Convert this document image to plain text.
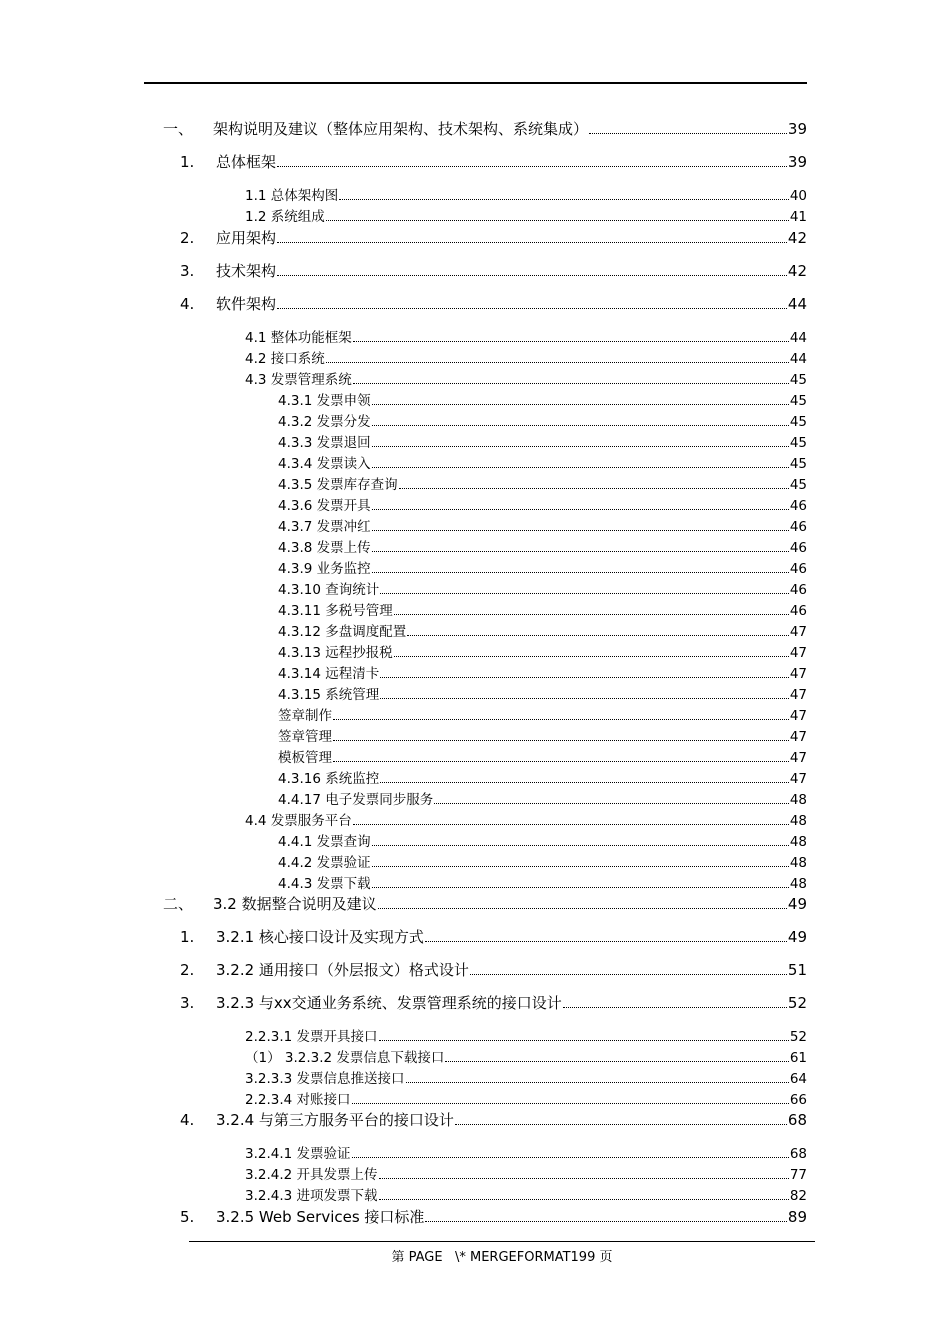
一、	架构说明及建议（整体应用架构、技术架构、系统集成）	39
1.	总体框架	39
1.1 总体架构图	40
1.2 系统组成	41
2.	应用架构	42
3.	技术架构	42
4.	软件架构	44
4.1 整体功能框架	44
4.2 接口系统	44
4.3 发票管理系统	45
4.3.1 发票申领	45
4.3.2 发票分发	45
4.3.3 发票退回	45
4.3.4 发票读入	45
4.3.5 发票库存查询	45
4.3.6 发票开具	46
4.3.7 发票冲红	46
4.3.8 发票上传	46
4.3.9 业务监控	46
4.3.10 查询统计	46
4.3.11 多税号管理	46
4.3.12 多盘调度配置	47
4.3.13 远程抄报税	47
4.3.14 远程清卡	47
4.3.15 系统管理	47
签章制作	47
签章管理	47
模板管理	47
4.3.16 系统监控	47
4.4.17 电子发票同步服务	48
4.4 发票服务平台	48
4.4.1 发票查询	48
4.4.2 发票验证	48
4.4.3 发票下载	48
二、	3.2 数据整合说明及建议	49
1.	3.2.1 核心接口设计及实现方式	49
2.	3.2.2 通用接口（外层报文）格式设计	51
3.	3.2.3 与xx交通业务系统、发票管理系统的接口设计	52
2.2.3.1 发票开具接口	52
（1） 3.2.3.2 发票信息下载接口	61
3.2.3.3 发票信息推送接口	64
2.2.3.4 对账接口	66
4.	3.2.4 与第三方服务平台的接口设计	68
3.2.4.1 发票验证	68
3.2.4.2 开具发票上传	77
3.2.4.3 进项发票下载	82
5.	3.2.5 Web Services 接口标准	89
第 PAGE   \* MERGEFORMAT199 页
